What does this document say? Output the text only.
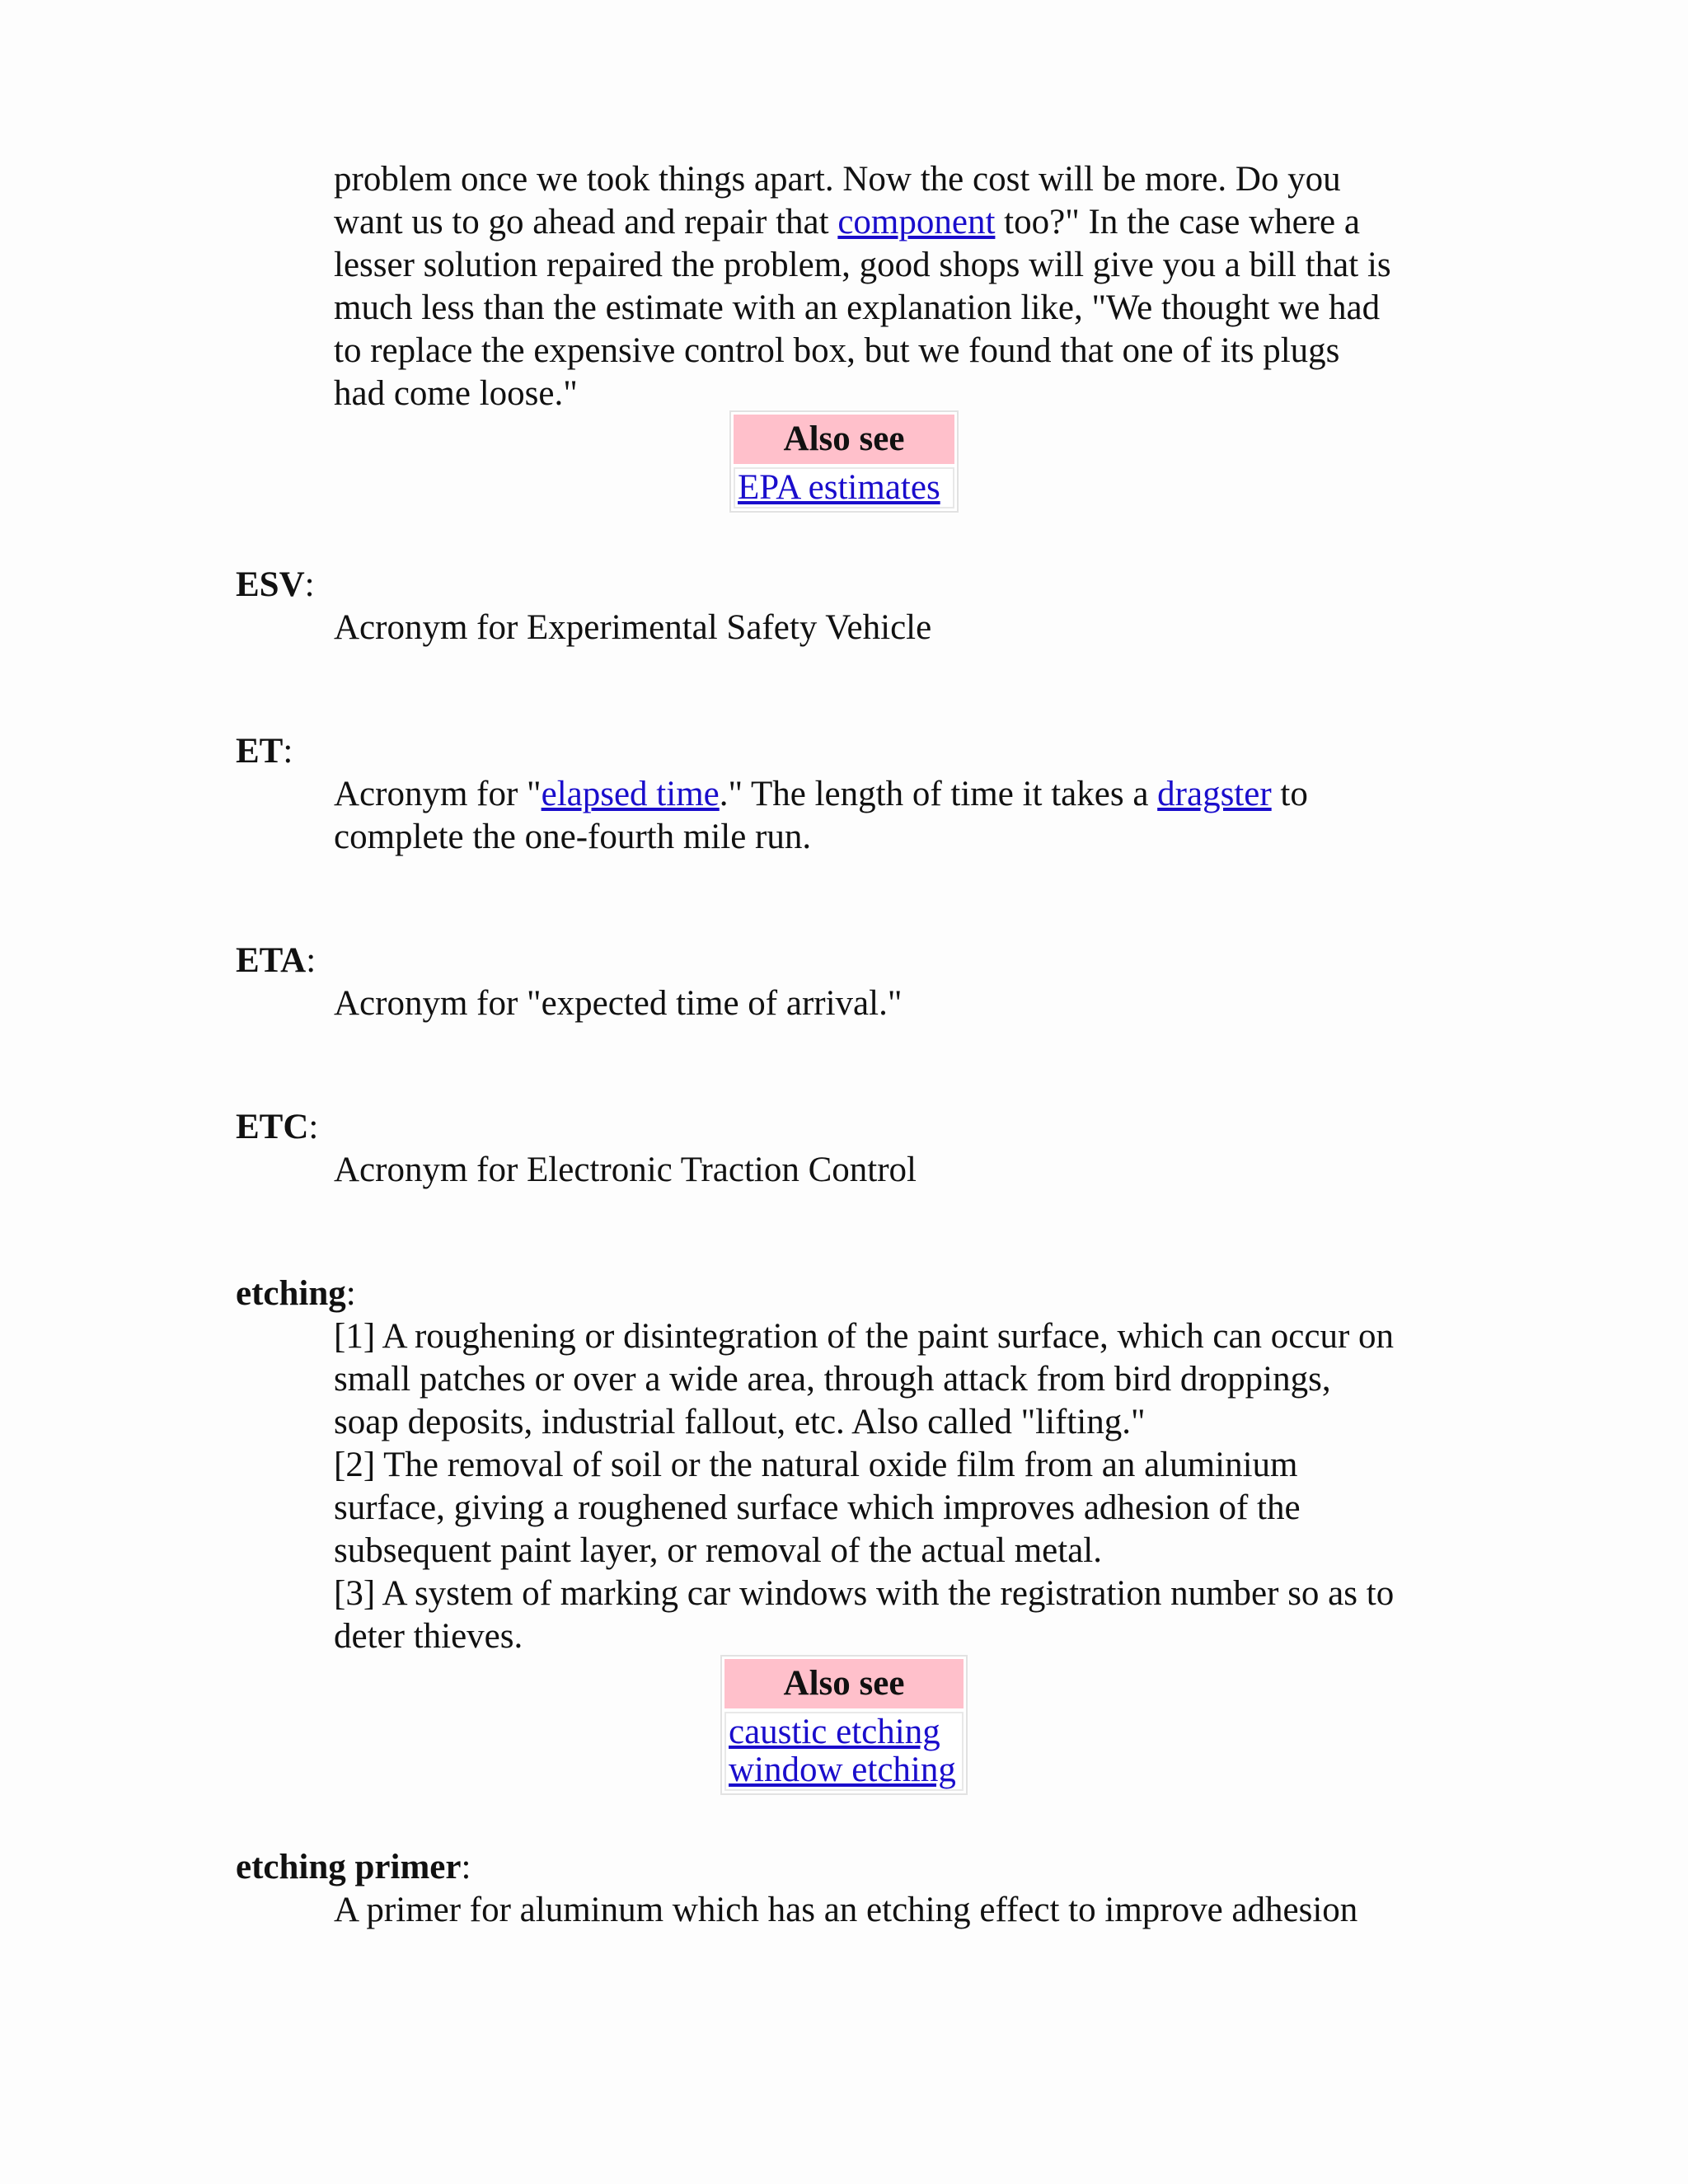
problem once we took things apart. Now the cost will be more. Do you
want us to go ahead and repair that component too?" In the case where a
lesser solution repaired the problem, good shops will give you a bill that is
much less than the estimate with an explanation like, "We thought we had
to replace the expensive control box, but we found that one of its plugs
had come loose."
Also see
EPA estimates
ESV:
Acronym for Experimental Safety Vehicle
ET:
Acronym for "elapsed time." The length of time it takes a dragster to
complete the one-fourth mile run.
ETA:
Acronym for "expected time of arrival."
ETC:
Acronym for Electronic Traction Control
etching:
[1] A roughening or disintegration of the paint surface, which can occur on
small patches or over a wide area, through attack from bird droppings,
soap deposits, industrial fallout, etc. Also called "lifting."
[2] The removal of soil or the natural oxide film from an aluminium
surface, giving a roughened surface which improves adhesion of the
subsequent paint layer, or removal of the actual metal.
[3] A system of marking car windows with the registration number so as to
deter thieves.
Also see
caustic etching
window etching
etching primer:
A primer for aluminum which has an etching effect to improve adhesion
